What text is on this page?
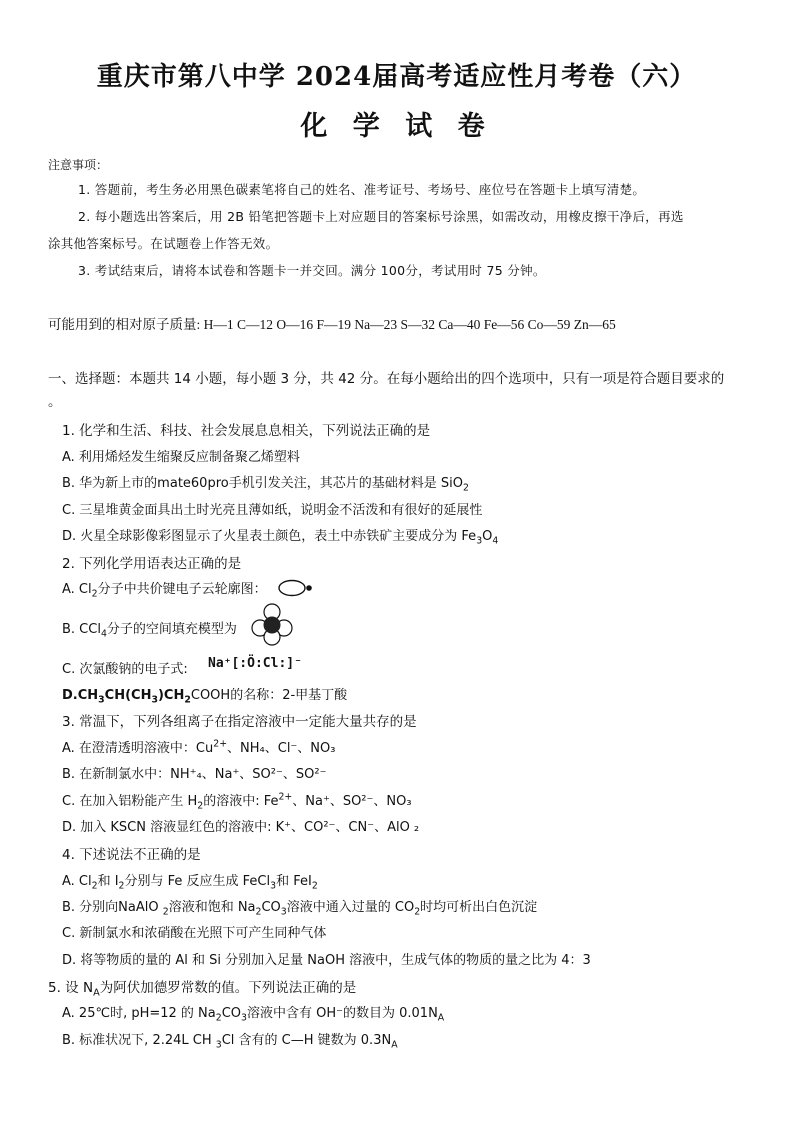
重庆市第八中学 2024届高考适应性月考卷（六）
化 学 试 卷
注意事项：
1. 答题前，考生务必用黑色碳素笔将自己的姓名、准考证号、考场号、座位号在答题卡上填写清楚。
2. 每小题选出答案后，用 2B 铅笔把答题卡上对应题目的答案标号涂黑，如需改动，用橡皮擦干净后，再选
涂其他答案标号。在试题卷上作答无效。
3. 考试结束后，请将本试卷和答题卡一并交回。满分 100分，考试用时 75 分钟。
可能用到的相对原子质量: H—1 C—12 O—16 F—19 Na—23 S—32 Ca—40 Fe—56 Co—59 Zn—65
一、选择题：本题共 14 小题，每小题 3 分，共 42 分。在每小题给出的四个选项中，只有一项是符合题目要求的
。
1. 化学和生活、科技、社会发展息息相关，下列说法正确的是
A. 利用烯烃发生缩聚反应制备聚乙烯塑料
B. 华为新上市的mate60pro手机引发关注，其芯片的基础材料是 SiO$_2$
C. 三星堆黄金面具出土时光亮且薄如纸，说明金不活泼和有很好的延展性
D. 火星全球影像彩图显示了火星表土颜色，表土中赤铁矿主要成分为 $Fe_3O_4$
2. 下列化学用语表达正确的是
A. $Cl_2$分子中共价键电子云轮廓图：
B. CCl$_4$分子的空间填充模型为
C. 次氯酸钠的电子式: Na⁺[:Ö:Cl:]⁻
$D.CH_3CH(CH_3)CH_2COOH$的名称：2-甲基丁酸
3. 常温下，下列各组离子在指定溶液中一定能大量共存的是
A. 在澄清透明溶液中：$Cu^{2+}$、NH₄、Cl⁻、NO₃
B. 在新制氯水中：NH⁺₄、Na⁺、SO²⁻、SO²⁻
C. 在加入铝粉能产生 $H_2$的溶液中: $Fe^{2+}$、Na⁺、SO²⁻、NO₃
D. 加入 KSCN 溶液显红色的溶液中: K⁺、CO²⁻、CN⁻、AlO ₂
4. 下述说法不正确的是
A. $Cl_2$和 $I_2$分别与 Fe 反应生成 FeCl$_3$和 FeI$_2$
B. 分别向NaAlO $_2$溶液和饱和 $Na_2CO_3$溶液中通入过量的 $CO_2$时均可析出白色沉淀
C. 新制氯水和浓硝酸在光照下可产生同种气体
D. 将等物质的量的 Al 和 Si 分别加入足量 NaOH 溶液中，生成气体的物质的量之比为 4：3
5. 设 $N_A$为阿伏加德罗常数的值。下列说法正确的是
A. 25℃时, pH=12 的 $Na_2CO_3$溶液中含有 OH⁻的数目为 $0.01N_A$
B. 标准状况下, 2.24L CH $_3$Cl 含有的 C—H 键数为 $0.3N_A$
